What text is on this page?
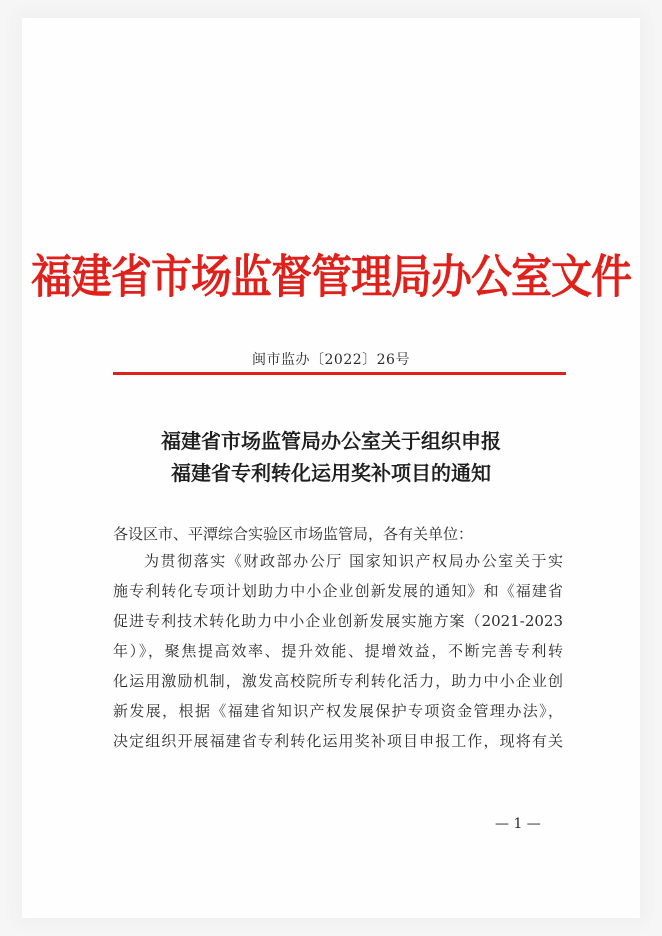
福建省市场监督管理局办公室文件
闽市监办〔2022〕26号
福建省市场监管局办公室关于组织申报
福建省专利转化运用奖补项目的通知
各设区市、平潭综合实验区市场监管局，各有关单位：
为贯彻落实《财政部办公厅 国家知识产权局办公室关于实
施专利转化专项计划助力中小企业创新发展的通知》和《福建省
促进专利技术转化助力中小企业创新发展实施方案（2021-2023
年）》，聚焦提高效率、提升效能、提增效益，不断完善专利转
化运用激励机制，激发高校院所专利转化活力，助力中小企业创
新发展，根据《福建省知识产权发展保护专项资金管理办法》，
决定组织开展福建省专利转化运用奖补项目申报工作，现将有关
— 1 —
